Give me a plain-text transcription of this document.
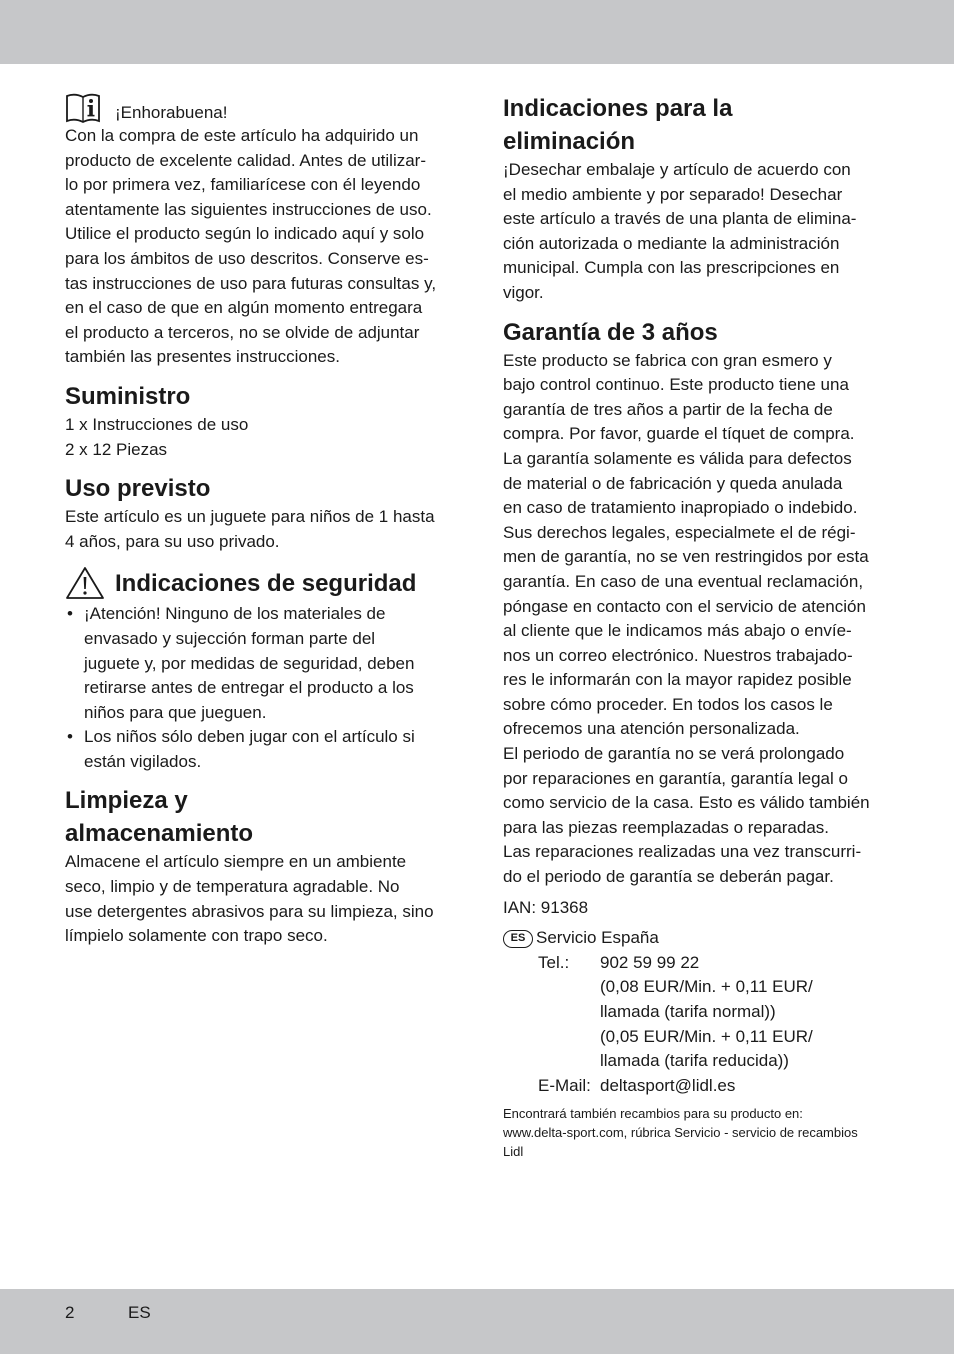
¡Enhorabuena!

Con la compra de este artículo ha adquirido un
producto de excelente calidad. Antes de utilizar-
lo por primera vez, familiarícese con él leyendo
atentamente las siguientes instrucciones de uso.
Utilice el producto según lo indicado aquí y solo
para los ámbitos de uso descritos. Conserve es-
tas instrucciones de uso para futuras consultas y,
en el caso de que en algún momento entregara
el producto a terceros, no se olvide de adjuntar
también las presentes instrucciones.

Suministro

1 x Instrucciones de uso
2 x 12 Piezas

Uso previsto

Este artículo es un juguete para niños de 1 hasta
4 años, para su uso privado.

Indicaciones de seguridad
• ¡Atención! Ninguno de los materiales de
envasado y sujección forman parte del
juguete y, por medidas de seguridad, deben
retirarse antes de entregar el producto a los
niños para que jueguen.
• Los niños sólo deben jugar con el artículo si
están vigilados.
Limpieza y
almacenamiento

Almacene el artículo siempre en un ambiente
seco, limpio y de temperatura agradable. No
use detergentes abrasivos para su limpieza, sino
límpielo solamente con trapo seco.

Indicaciones para la
eliminación

¡Desechar embalaje y artículo de acuerdo con
el medio ambiente y por separado! Desechar
este artículo a través de una planta de elimina-
ción autorizada o mediante la administración
municipal. Cumpla con las prescripciones en
vigor.

Garantía de 3 años

Este producto se fabrica con gran esmero y
bajo control continuo. Este producto tiene una
garantía de tres años a partir de la fecha de
compra. Por favor, guarde el tíquet de compra.
La garantía solamente es válida para defectos
de material o de fabricación y queda anulada
en caso de tratamiento inapropiado o indebido.
Sus derechos legales, especialmete el de régi-
men de garantía, no se ven restringidos por esta
garantía. En caso de una eventual reclamación,
póngase en contacto con el servicio de atención
al cliente que le indicamos más abajo o envíe-
nos un correo electrónico. Nuestros trabajado-
res le informarán con la mayor rapidez posible
sobre cómo proceder. En todos los casos le
ofrecemos una atención personalizada.
El periodo de garantía no se verá prolongado
por reparaciones en garantía, garantía legal o
como servicio de la casa. Esto es válido también
para las piezas reemplazadas o reparadas.
Las reparaciones realizadas una vez transcurri-
do el periodo de garantía se deberán pagar.

IAN: 91368

ES Servicio España
Tel.:	902 59 99 22
(0,08 EUR/Min. + 0,11 EUR/
llamada (tarifa normal))
(0,05 EUR/Min. + 0,11 EUR/
llamada (tarifa reducida))
E-Mail: deltasport@lidl.es

Encontrará también recambios para su producto en:
www.delta-sport.com, rúbrica Servicio - servicio de recambios
Lidl

2	ES
